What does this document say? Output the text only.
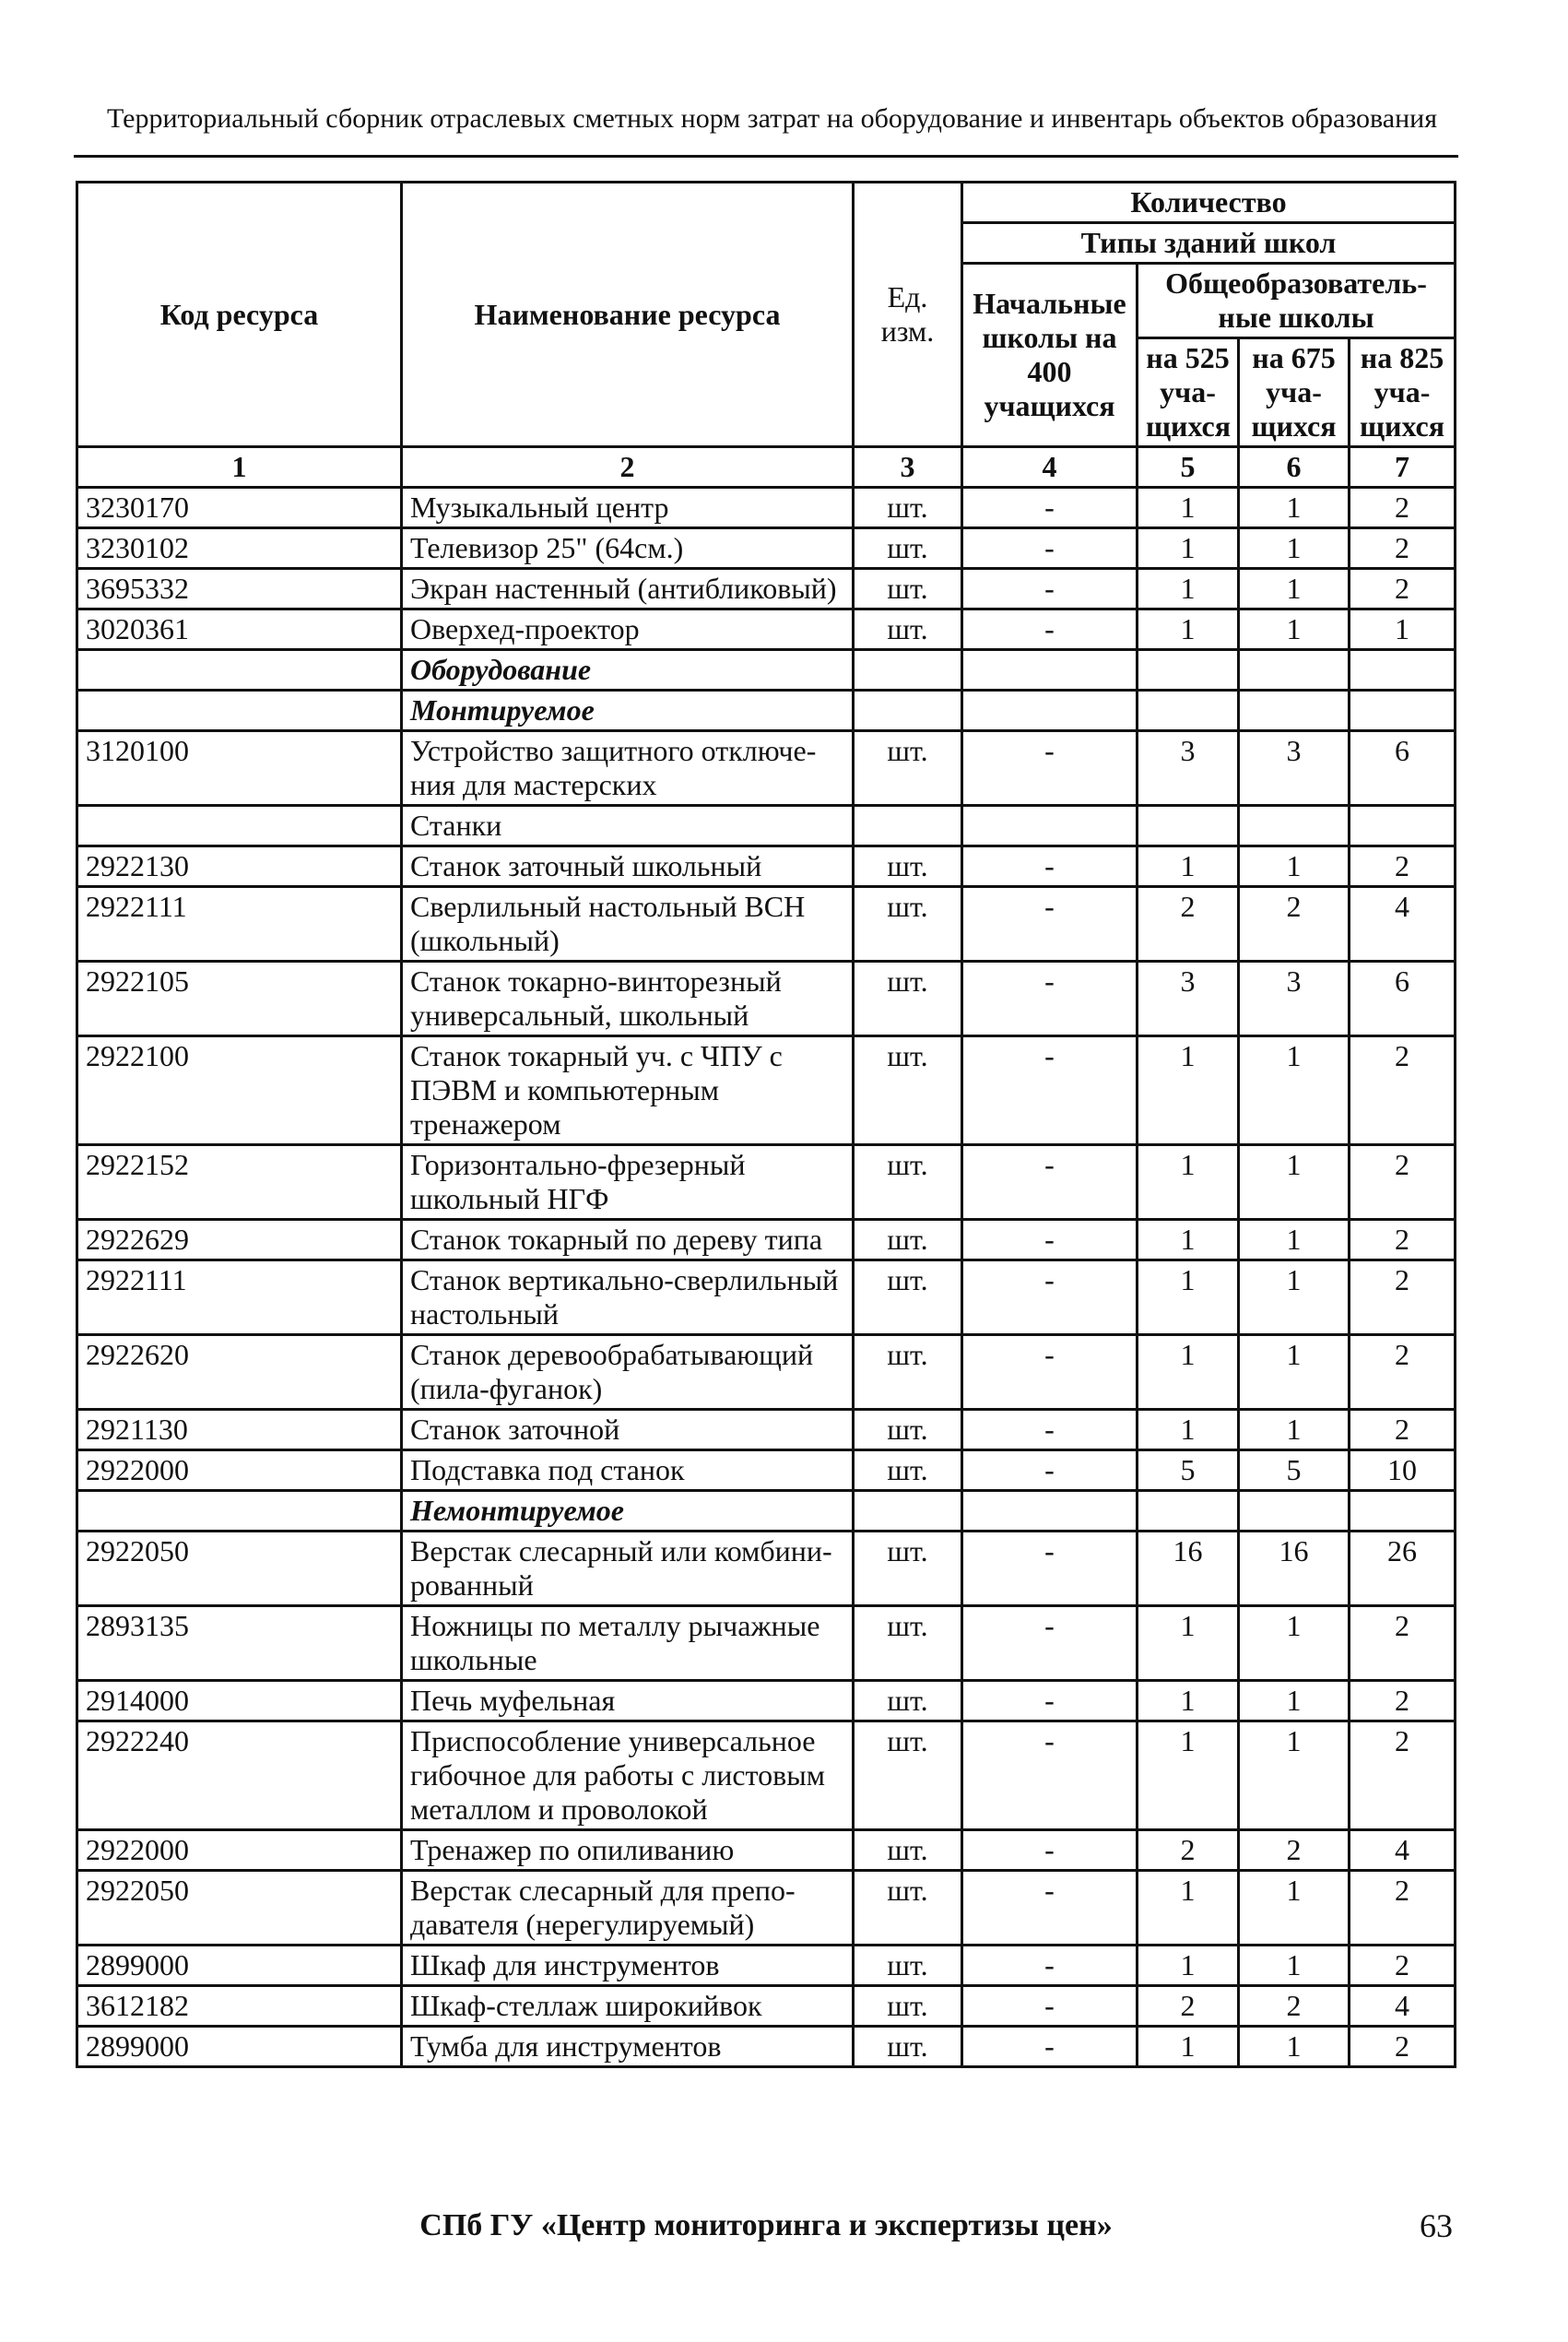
Территориальный сборник отраслевых сметных норм затрат на оборудование и инвентарь объектов образования
Код ресурса	Наименование ресурса	Ед. изм.	Количество			
			Типы зданий школ			
			Начальные школы на 400 учащихся	Общеобразователь-ные школы		
				на 525 уча-щихся	на 675 уча-щихся	на 825 уча-щихся
1	2	3	4	5	6	7
3230170	Музыкальный центр	шт.	-	1	1	2
3230102	Телевизор 25" (64см.)	шт.	-	1	1	2
3695332	Экран настенный (антибликовый)	шт.	-	1	1	2
3020361	Оверхед-проектор	шт.	-	1	1	1
	Оборудование					
	Монтируемое					
3120100	Устройство защитного отключе-ния для мастерских	шт.	-	3	3	6
	Станки					
2922130	Станок заточный школьный	шт.	-	1	1	2
2922111	Сверлильный настольный ВСН (школьный)	шт.	-	2	2	4
2922105	Станок токарно-винторезный универсальный, школьный	шт.	-	3	3	6
2922100	Станок токарный уч. с ЧПУ с ПЭВМ и компьютерным тренажером	шт.	-	1	1	2
2922152	Горизонтально-фрезерный школьный НГФ	шт.	-	1	1	2
2922629	Станок токарный по дереву типа	шт.	-	1	1	2
2922111	Станок вертикально-сверлильный настольный	шт.	-	1	1	2
2922620	Станок деревообрабатывающий (пила-фуганок)	шт.	-	1	1	2
2921130	Станок заточной	шт.	-	1	1	2
2922000	Подставка под станок	шт.	-	5	5	10
	Немонтируемое					
2922050	Верстак слесарный или комбини-рованный	шт.	-	16	16	26
2893135	Ножницы по металлу рычажные школьные	шт.	-	1	1	2
2914000	Печь муфельная	шт.	-	1	1	2
2922240	Приспособление универсальное гибочное для работы с листовым металлом и проволокой	шт.	-	1	1	2
2922000	Тренажер по опиливанию	шт.	-	2	2	4
2922050	Верстак слесарный для препо-давателя (нерегулируемый)	шт.	-	1	1	2
2899000	Шкаф для инструментов	шт.	-	1	1	2
3612182	Шкаф-стеллаж широкийвок	шт.	-	2	2	4
2899000	Тумба для инструментов	шт.	-	1	1	2
СПб ГУ «Центр мониторинга и экспертизы цен»	63
